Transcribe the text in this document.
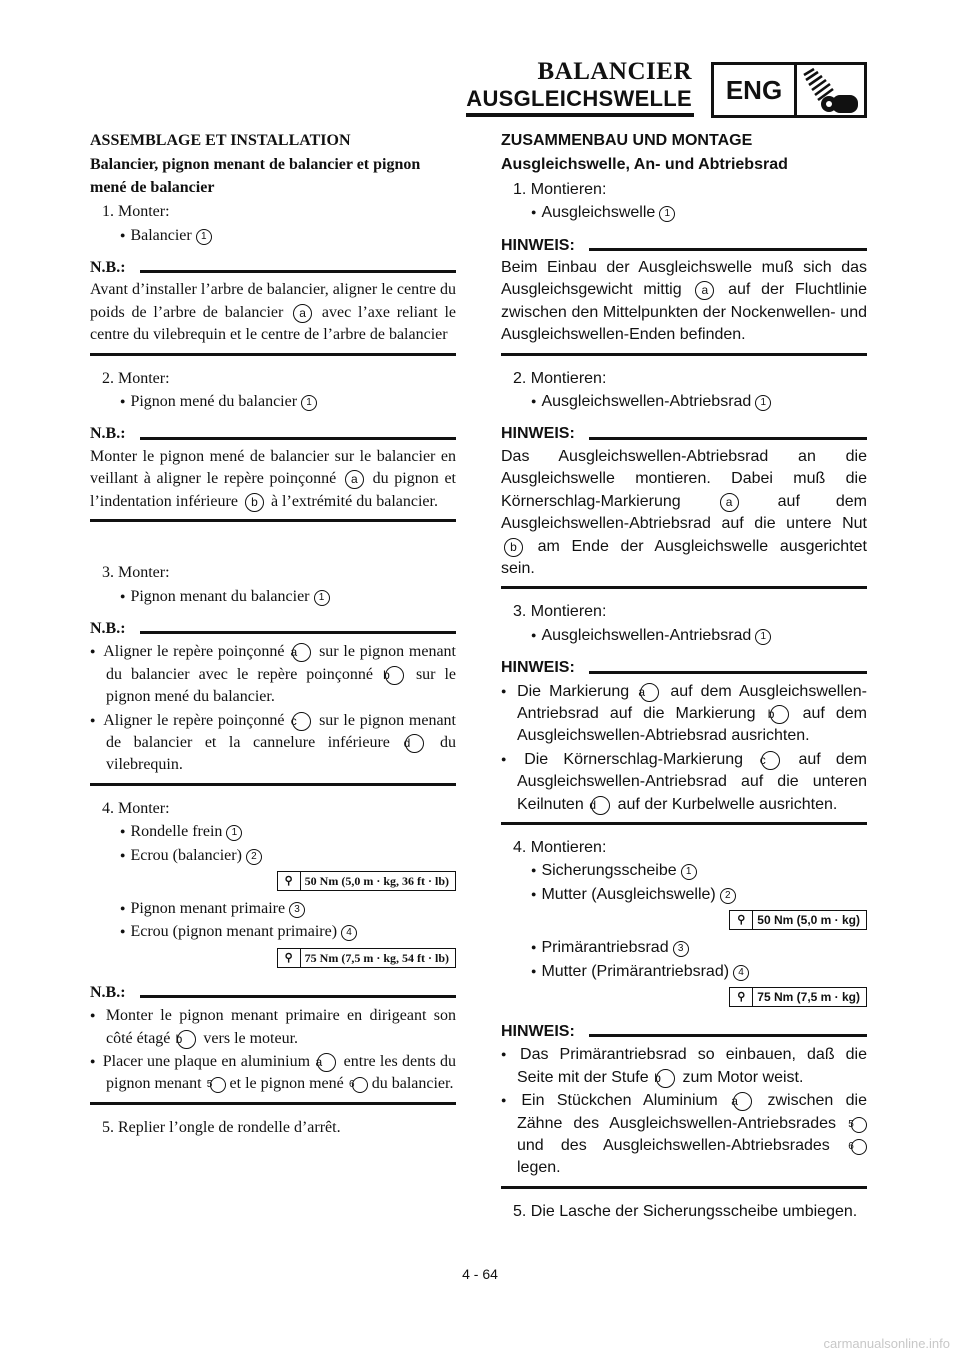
BALANCIER
AUSGLEICHSWELLE	ENG

ASSEMBLAGE ET INSTALLATION

Balancier, pignon menant de balancier et pignon mené de balancier

1. Monter:
● Balancier 1
N.B.:
Avant d’installer l’arbre de balancier, aligner le centre du poids de l’arbre de balancier a avec l’axe reliant le centre du vilebrequin et le centre de l’arbre de balancier
2. Monter:
● Pignon mené du balancier 1
N.B.:
Monter le pignon mené de balancier sur le balancier en veillant à aligner le repère poinçonné a du pignon et l’indentation inférieure b à l’extrémité du balancier.
3. Monter:
● Pignon menant du balancier 1
N.B.:
● Aligner le repère poinçonné a sur le pignon menant du balancier avec le repère poinçonné b sur le pignon mené du balancier.
● Aligner le repère poinçonné c sur le pignon menant de balancier et la cannelure inférieure d du vilebrequin.
4. Monter:
● Rondelle frein 1
● Ecrou (balancier) 2
⚲ 50 Nm (5,0 m · kg, 36 ft · lb)
● Pignon menant primaire 3
● Ecrou (pignon menant primaire) 4
⚲ 75 Nm (7,5 m · kg, 54 ft · lb)
N.B.:
● Monter le pignon menant primaire en dirigeant son côté étagé b vers le moteur.
● Placer une plaque en aluminium a entre les dents du pignon menant 5 et le pignon mené 6 du balancier.
5. Replier l’ongle de rondelle d’arrêt.

ZUSAMMENBAU UND MONTAGE

Ausgleichswelle, An- und Abtriebsrad

1. Montieren:
● Ausgleichswelle 1
HINWEIS:
Beim Einbau der Ausgleichswelle muß sich das Ausgleichsgewicht mittig a auf der Fluchtlinie zwischen den Mittelpunkten der Nockenwellen- und Ausgleichswellen-Enden befinden.
2. Montieren:
● Ausgleichswellen-Abtriebsrad 1
HINWEIS:
Das Ausgleichswellen-Abtriebsrad an die Ausgleichswelle montieren. Dabei muß die Körnerschlag-Markierung	a	auf dem Ausgleichswellen-Abtriebsrad auf die untere Nut b am Ende der Ausgleichswelle ausgerichtet sein.
3. Montieren:
● Ausgleichswellen-Antriebsrad 1
HINWEIS:
● Die Markierung a auf dem Ausgleichswellen-Antriebsrad auf die Markierung b auf dem Ausgleichswellen-Abtriebsrad ausrichten.
● Die Körnerschlag-Markierung c auf dem Ausgleichswellen-Antriebsrad auf die unteren Keilnuten d auf der Kurbelwelle ausrichten.
4. Montieren:
● Sicherungsscheibe 1
● Mutter (Ausgleichswelle) 2
⚲ 50 Nm (5,0 m · kg)
● Primärantriebsrad 3
● Mutter (Primärantriebsrad) 4
⚲ 75 Nm (7,5 m · kg)
HINWEIS:
● Das Primärantriebsrad so einbauen, daß die Seite mit der Stufe b zum Motor weist.
● Ein Stückchen Aluminium a zwischen die Zähne des Ausgleichswellen-Antriebsrades 5 und des Ausgleichswellen-Abtriebsrades 6 legen.
5. Die Lasche der Sicherungsscheibe umbiegen.
4 - 64
carmanualsonline.info
